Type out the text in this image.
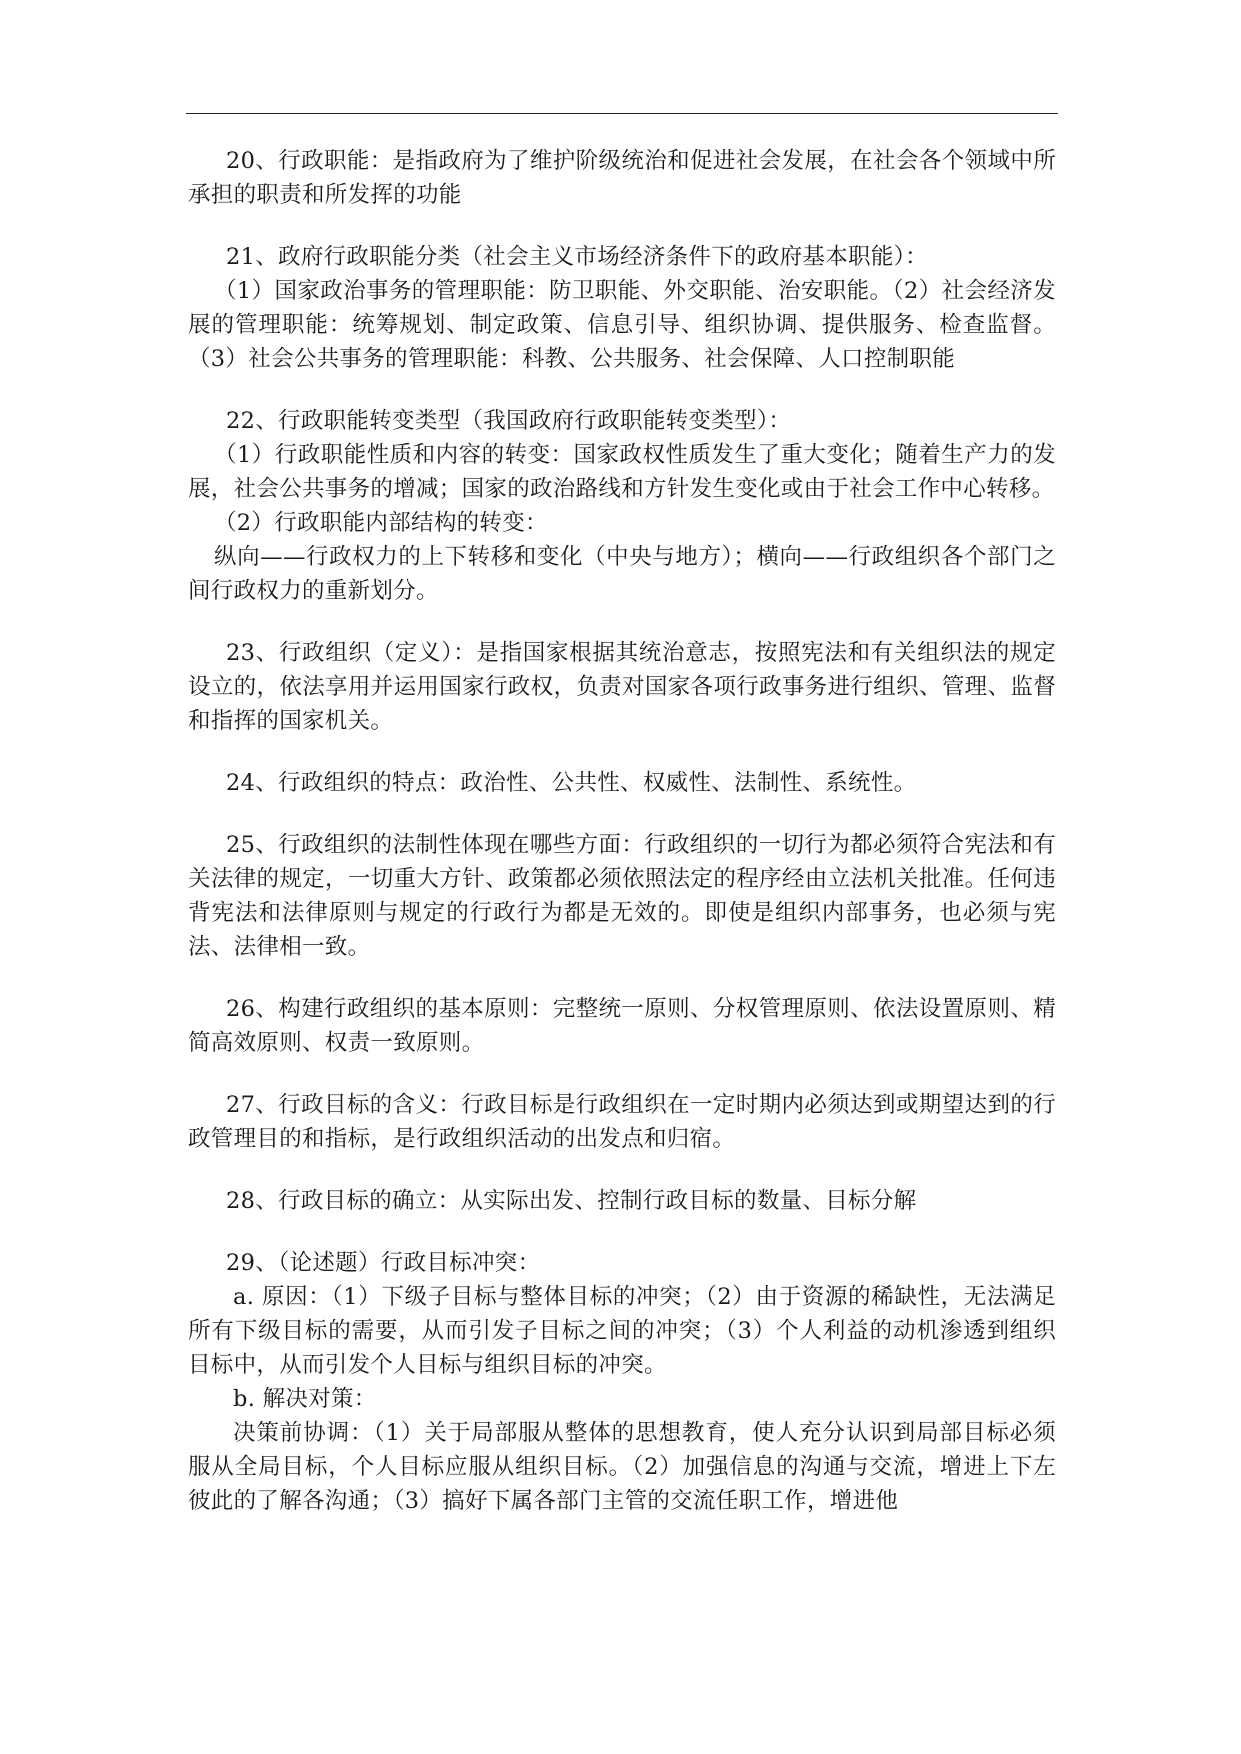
20、行政职能：是指政府为了维护阶级统治和促进社会发展，在社会各个领域中所承担的职责和所发挥的功能

21、政府行政职能分类（社会主义市场经济条件下的政府基本职能）：

（1）国家政治事务的管理职能：防卫职能、外交职能、治安职能。（2）社会经济发展的管理职能：统筹规划、制定政策、信息引导、组织协调、提供服务、检查监督。（3）社会公共事务的管理职能：科教、公共服务、社会保障、人口控制职能

22、行政职能转变类型（我国政府行政职能转变类型）：

（1）行政职能性质和内容的转变：国家政权性质发生了重大变化；随着生产力的发展，社会公共事务的增减；国家的政治路线和方针发生变化或由于社会工作中心转移。

（2）行政职能内部结构的转变：

纵向——行政权力的上下转移和变化（中央与地方）；横向——行政组织各个部门之间行政权力的重新划分。

23、行政组织（定义）：是指国家根据其统治意志，按照宪法和有关组织法的规定设立的，依法享用并运用国家行政权，负责对国家各项行政事务进行组织、管理、监督和指挥的国家机关。

24、行政组织的特点：政治性、公共性、权威性、法制性、系统性。

25、行政组织的法制性体现在哪些方面：行政组织的一切行为都必须符合宪法和有关法律的规定，一切重大方针、政策都必须依照法定的程序经由立法机关批准。任何违背宪法和法律原则与规定的行政行为都是无效的。即使是组织内部事务，也必须与宪法、法律相一致。

26、构建行政组织的基本原则：完整统一原则、分权管理原则、依法设置原则、精简高效原则、权责一致原则。

27、行政目标的含义：行政目标是行政组织在一定时期内必须达到或期望达到的行政管理目的和指标，是行政组织活动的出发点和归宿。

28、行政目标的确立：从实际出发、控制行政目标的数量、目标分解

29、（论述题）行政目标冲突：

a. 原因：（1）下级子目标与整体目标的冲突；（2）由于资源的稀缺性，无法满足所有下级目标的需要，从而引发子目标之间的冲突；（3）个人利益的动机渗透到组织目标中，从而引发个人目标与组织目标的冲突。

b. 解决对策：

决策前协调：（1）关于局部服从整体的思想教育，使人充分认识到局部目标必须服从全局目标，个人目标应服从组织目标。（2）加强信息的沟通与交流，增进上下左彼此的了解各沟通；（3）搞好下属各部门主管的交流任职工作，增进他
